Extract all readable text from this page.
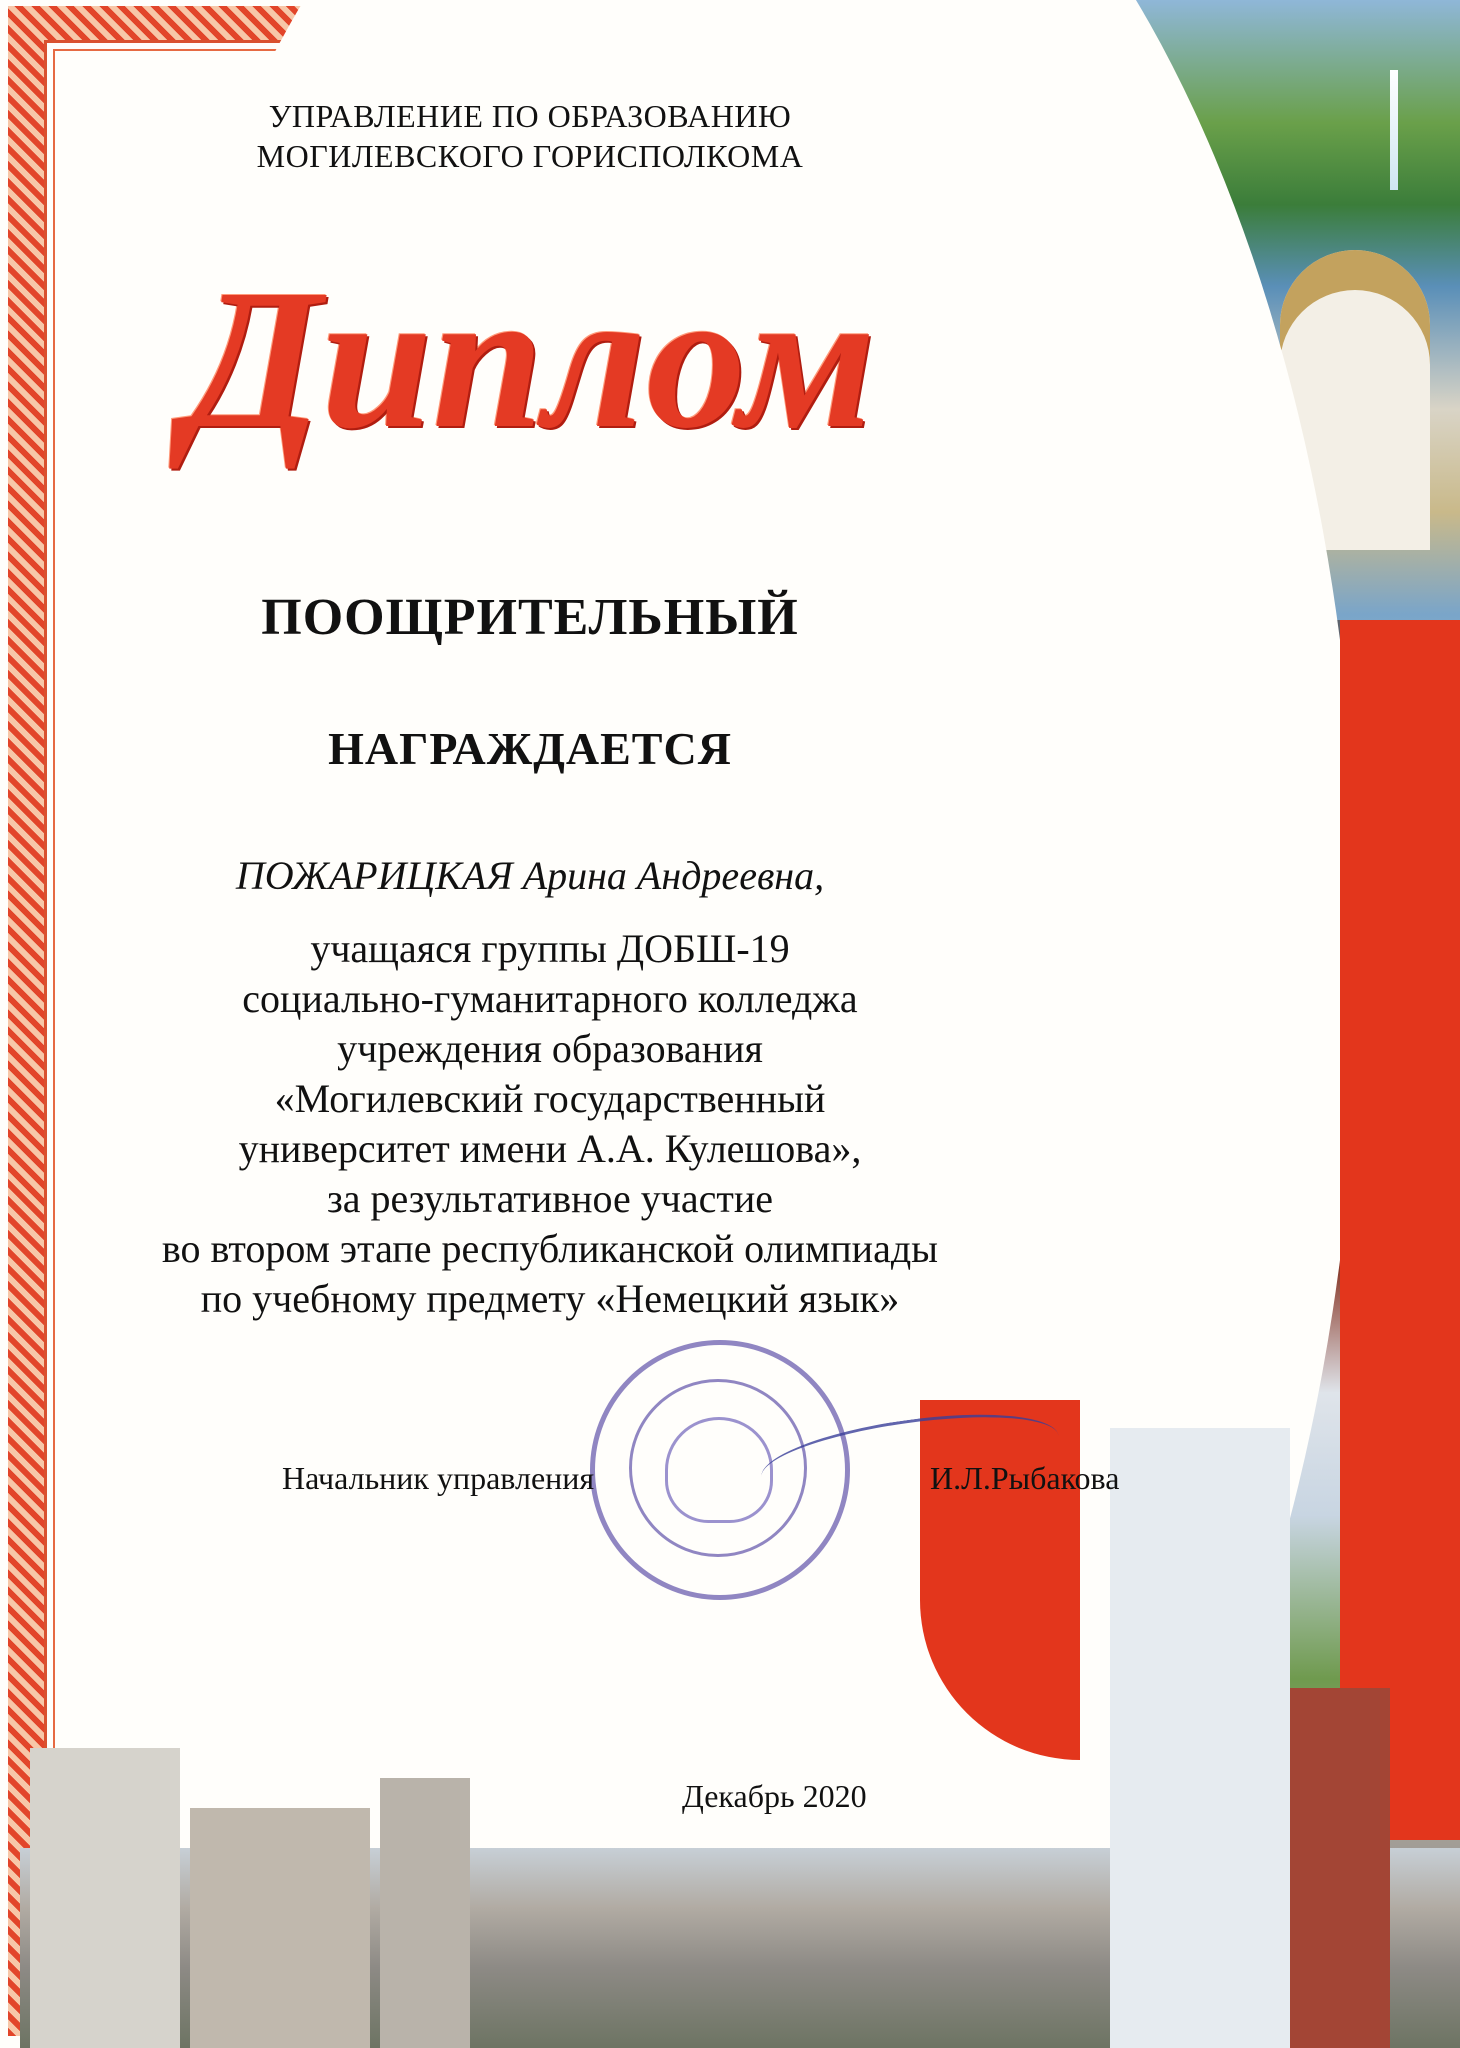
УПРАВЛЕНИЕ ПО ОБРАЗОВАНИЮ
МОГИЛЕВСКОГО ГОРИСПОЛКОМА
Диплом
ПООЩРИТЕЛЬНЫЙ
НАГРАЖДАЕТСЯ
ПОЖАРИЦКАЯ Арина Андреевна,
учащаяся группы ДОБШ-19
социально-гуманитарного колледжа
учреждения образования
«Могилевский государственный
университет имени А.А. Кулешова»,
за результативное участие
во втором этапе республиканской олимпиады
по учебному предмету «Немецкий язык»
Начальник управления	И.Л.Рыбакова
Декабрь 2020
